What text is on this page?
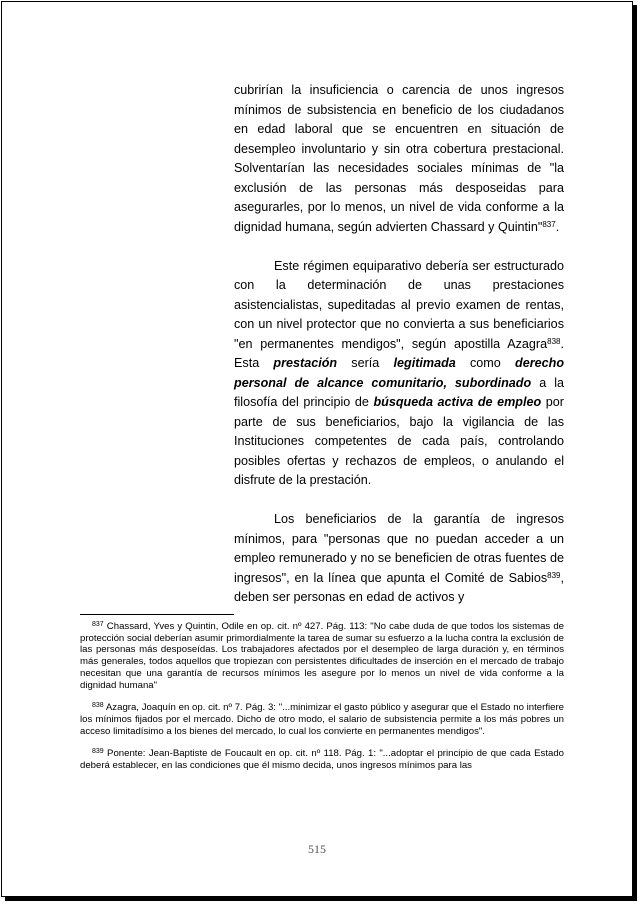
cubrirían la insuficiencia o carencia de unos ingresos mínimos de subsistencia en beneficio de los ciudadanos en edad laboral que se encuentren en situación de desempleo involuntario y sin otra cobertura prestacional. Solventarían las necesidades sociales mínimas de "la exclusión de las personas más desposeidas para asegurarles, por lo menos, un nivel de vida conforme a la dignidad humana, según advierten Chassard y Quintin"$^{837}$.

Este régimen equiparativo debería ser estructurado con la determinación de unas prestaciones asistencialistas, supeditadas al previo examen de rentas, con un nivel protector que no convierta a sus beneficiarios "en permanentes mendigos", según apostilla Azagra$^{838}$. Esta prestación sería legitimada como derecho personal de alcance comunitario, subordinado a la filosofía del principio de búsqueda activa de empleo por parte de sus beneficiarios, bajo la vigilancia de las Instituciones competentes de cada país, controlando posibles ofertas y rechazos de empleos, o anulando el disfrute de la prestación.

Los beneficiarios de la garantía de ingresos mínimos, para "personas que no puedan acceder a un empleo remunerado y no se beneficien de otras fuentes de ingresos", en la línea que apunta el Comité de Sabios$^{839}$, deben ser personas en edad de activos y

$^{837}$ Chassard, Yves y Quintin, Odile en op. cit. nº 427. Pág. 113: "No cabe duda de que todos los sistemas de protección social deberían asumir primordialmente la tarea de sumar su esfuerzo a la lucha contra la exclusión de las personas más desposeídas. Los trabajadores afectados por el desempleo de larga duración y, en términos más generales, todos aquellos que tropiezan con persistentes dificultades de inserción en el mercado de trabajo necesitan que una garantía de recursos mínimos les asegure por lo menos un nivel de vida conforme a la dignidad humana"

$^{838}$ Azagra, Joaquín en op. cit. nº 7. Pág. 3: "...minimizar el gasto público y asegurar que el Estado no interfiere los mínimos fijados por el mercado. Dicho de otro modo, el salario de subsistencia permite a los más pobres un acceso limitadísimo a los bienes del mercado, lo cual los convierte en permanentes mendigos".

$^{839}$ Ponente: Jean-Baptiste de Foucault en op. cit. nº 118. Pág. 1: "...adoptar el principio de que cada Estado deberá establecer, en las condiciones que él mismo decida, unos ingresos mínimos para las

515
